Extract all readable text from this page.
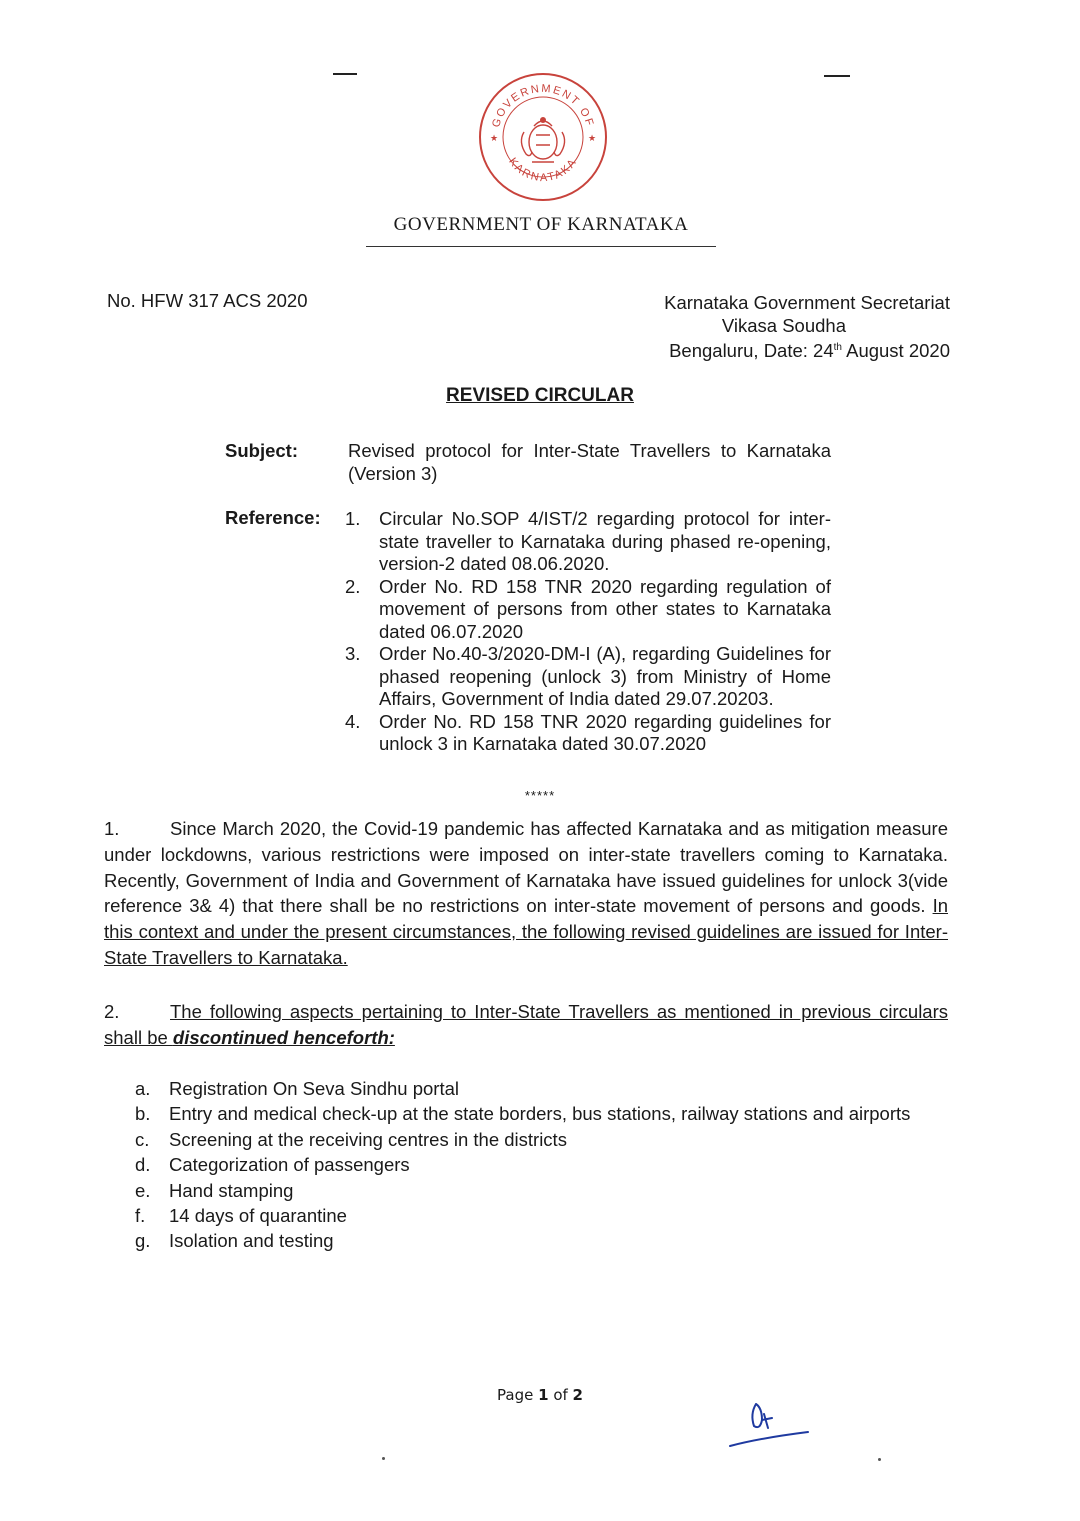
GOVERNMENT OF
KARNATAKA
★	★
GOVERNMENT OF KARNATAKA
No. HFW 317 ACS 2020	Karnataka Government Secretariat
Vikasa Soudha
Bengaluru, Date: 24th August 2020
REVISED CIRCULAR
Subject:	Revised protocol for Inter-State Travellers to Karnataka (Version 3)
Reference: 1. Circular No.SOP 4/IST/2 regarding protocol for inter-state traveller to Karnataka during phased re-opening, version-2 dated 08.06.2020.
2. Order No. RD 158 TNR 2020 regarding regulation of movement of persons from other states to Karnataka dated 06.07.2020
3. Order No.40-3/2020-DM-I (A), regarding Guidelines for phased reopening (unlock 3) from Ministry of Home Affairs, Government of India dated 29.07.20203.
4. Order No. RD 158 TNR 2020 regarding guidelines for unlock 3 in Karnataka dated 30.07.2020
*****
1.	Since March 2020, the Covid-19 pandemic has affected Karnataka and as mitigation measure under lockdowns, various restrictions were imposed on inter-state travellers coming to Karnataka. Recently, Government of India and Government of Karnataka have issued guidelines for unlock 3(vide reference 3& 4) that there shall be no restrictions on inter-state movement of persons and goods. In this context and under the present circumstances, the following revised guidelines are issued for Inter-State Travellers to Karnataka.
2.	The following aspects pertaining to Inter-State Travellers as mentioned in previous circulars shall be discontinued henceforth:
a. Registration On Seva Sindhu portal
b. Entry and medical check-up at the state borders, bus stations, railway stations and airports
c. Screening at the receiving centres in the districts
d. Categorization of passengers
e. Hand stamping
f. 14 days of quarantine
g. Isolation and testing
Page 1 of 2
